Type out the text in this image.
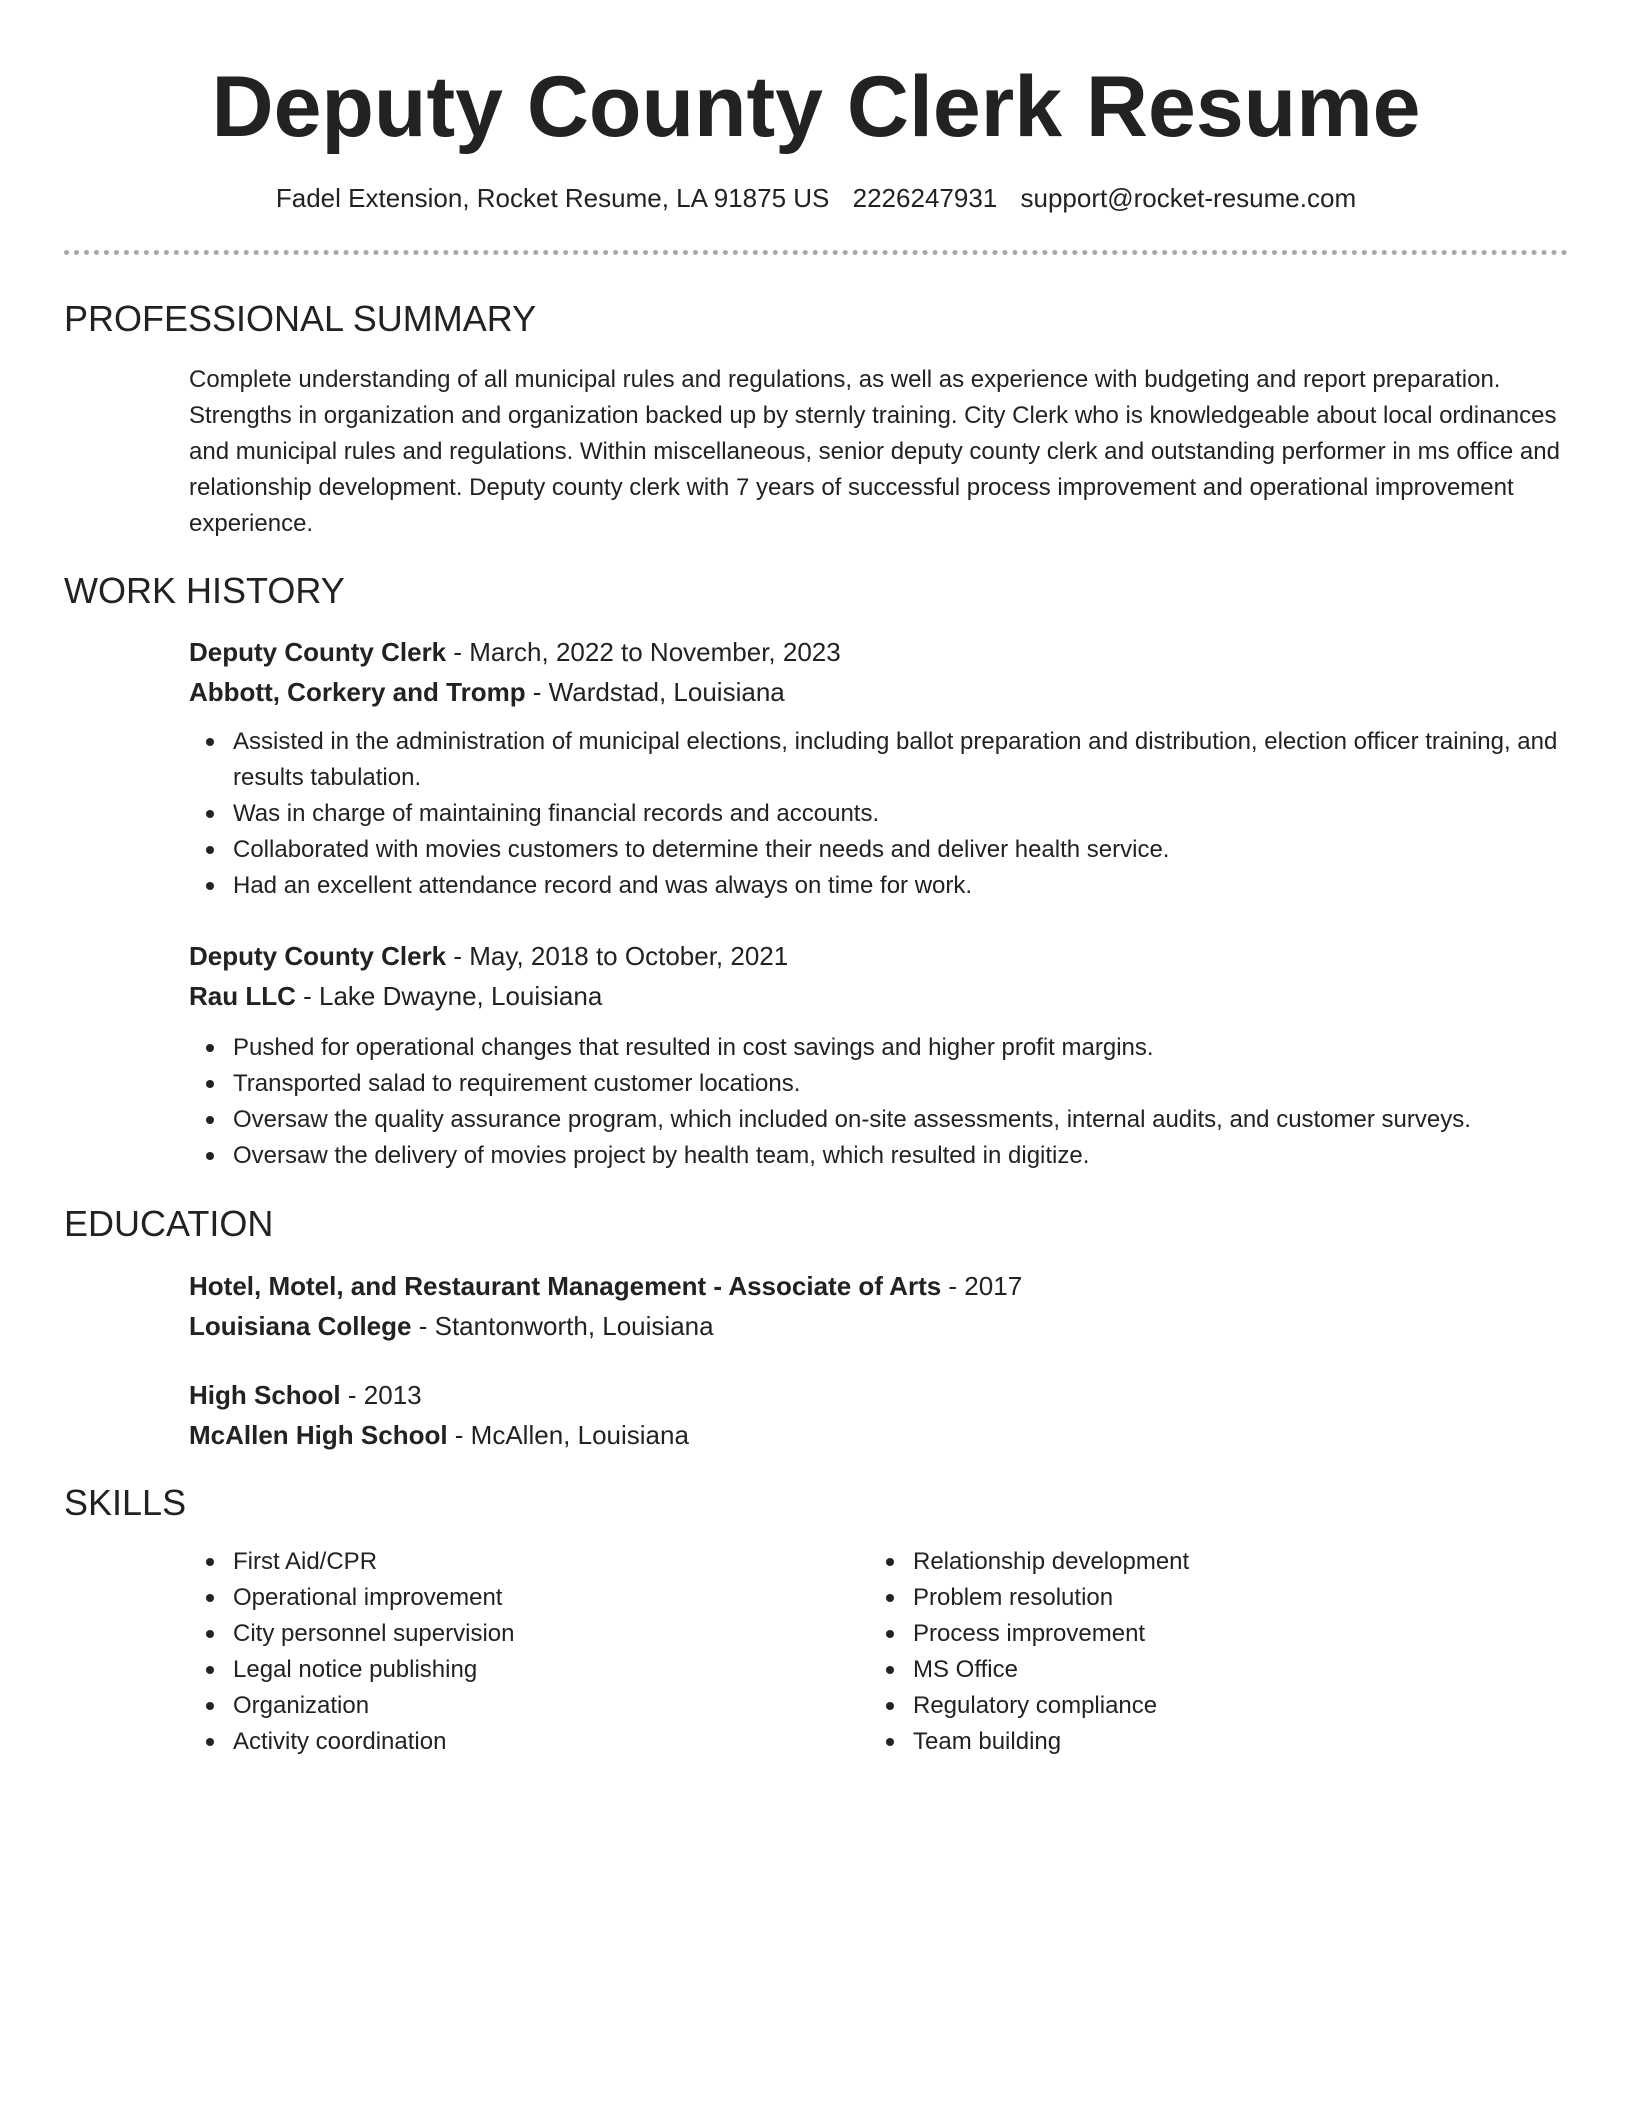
Deputy County Clerk Resume
Fadel Extension, Rocket Resume, LA 91875 US 2226247931 support@rocket-resume.com
PROFESSIONAL SUMMARY

Complete understanding of all municipal rules and regulations, as well as experience with budgeting and report preparation. Strengths in organization and organization backed up by sternly training. City Clerk who is knowledgeable about local ordinances and municipal rules and regulations. Within miscellaneous, senior deputy county clerk and outstanding performer in ms office and relationship development. Deputy county clerk with 7 years of successful process improvement and operational improvement experience.

WORK HISTORY
Deputy County Clerk - March, 2022 to November, 2023
Abbott, Corkery and Tromp - Wardstad, Louisiana
Assisted in the administration of municipal elections, including ballot preparation and distribution, election officer training, and results tabulation.
Was in charge of maintaining financial records and accounts.
Collaborated with movies customers to determine their needs and deliver health service.
Had an excellent attendance record and was always on time for work.
Deputy County Clerk - May, 2018 to October, 2021
Rau LLC - Lake Dwayne, Louisiana
Pushed for operational changes that resulted in cost savings and higher profit margins.
Transported salad to requirement customer locations.
Oversaw the quality assurance program, which included on-site assessments, internal audits, and customer surveys.
Oversaw the delivery of movies project by health team, which resulted in digitize.
EDUCATION
Hotel, Motel, and Restaurant Management - Associate of Arts - 2017
Louisiana College - Stantonworth, Louisiana
High School - 2013
McAllen High School - McAllen, Louisiana
SKILLS
First Aid/CPR
Operational improvement
City personnel supervision
Legal notice publishing
Organization
Activity coordination
Relationship development
Problem resolution
Process improvement
MS Office
Regulatory compliance
Team building
